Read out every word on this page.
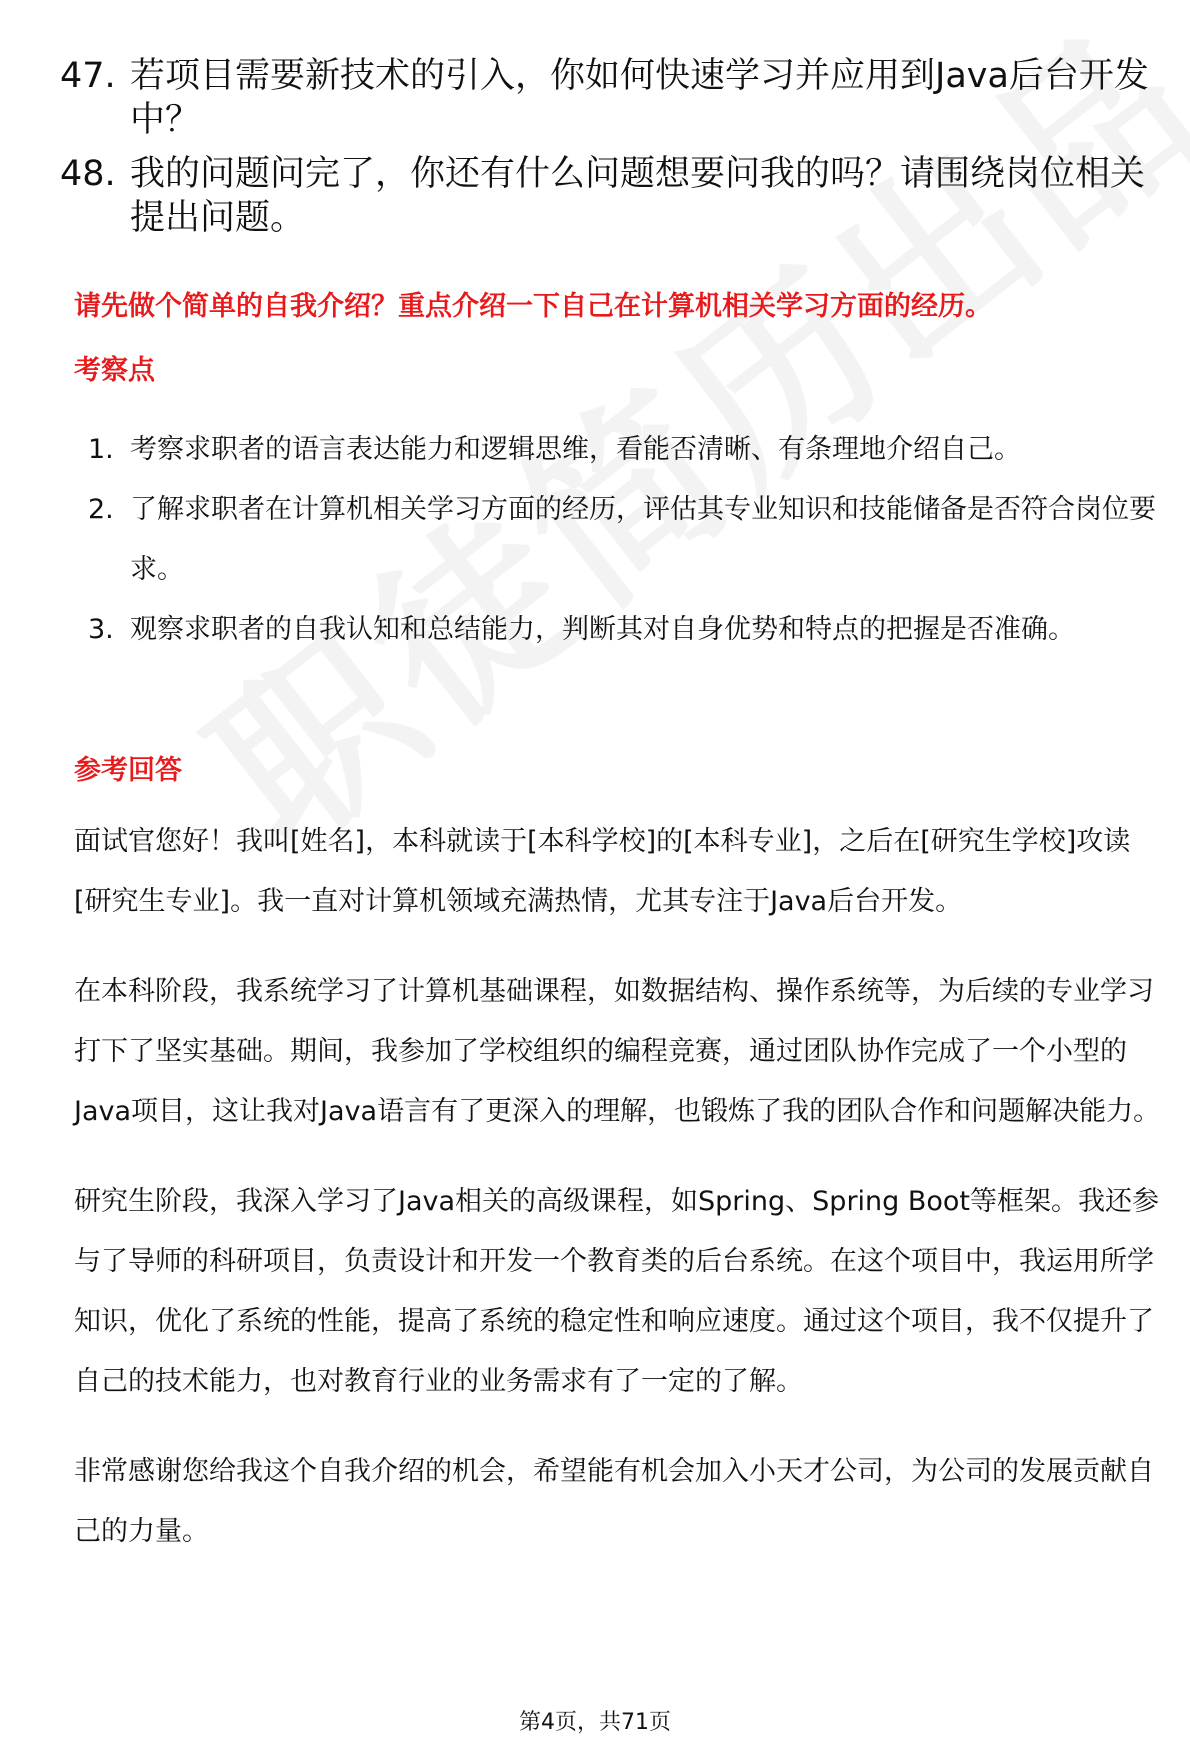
47. 若项目需要新技术的引入，你如何快速学习并应用到Java后台开发中？
48. 我的问题问完了，你还有什么问题想要问我的吗？请围绕岗位相关提出问题。
请先做个简单的自我介绍？重点介绍一下自己在计算机相关学习方面的经历。
考察点
1. 考察求职者的语言表达能力和逻辑思维，看能否清晰、有条理地介绍自己。
2. 了解求职者在计算机相关学习方面的经历，评估其专业知识和技能储备是否符合岗位要求。
3. 观察求职者的自我认知和总结能力，判断其对自身优势和特点的把握是否准确。
参考回答

面试官您好！我叫[姓名]，本科就读于[本科学校]的[本科专业]，之后在[研究生学校]攻读[研究生专业]。我一直对计算机领域充满热情，尤其专注于Java后台开发。

在本科阶段，我系统学习了计算机基础课程，如数据结构、操作系统等，为后续的专业学习打下了坚实基础。期间，我参加了学校组织的编程竞赛，通过团队协作完成了一个小型的Java项目，这让我对Java语言有了更深入的理解，也锻炼了我的团队合作和问题解决能力。

研究生阶段，我深入学习了Java相关的高级课程，如Spring、Spring Boot等框架。我还参与了导师的科研项目，负责设计和开发一个教育类的后台系统。在这个项目中，我运用所学知识，优化了系统的性能，提高了系统的稳定性和响应速度。通过这个项目，我不仅提升了自己的技术能力，也对教育行业的业务需求有了一定的了解。

非常感谢您给我这个自我介绍的机会，希望能有机会加入小天才公司，为公司的发展贡献自己的力量。

第4页，共71页
